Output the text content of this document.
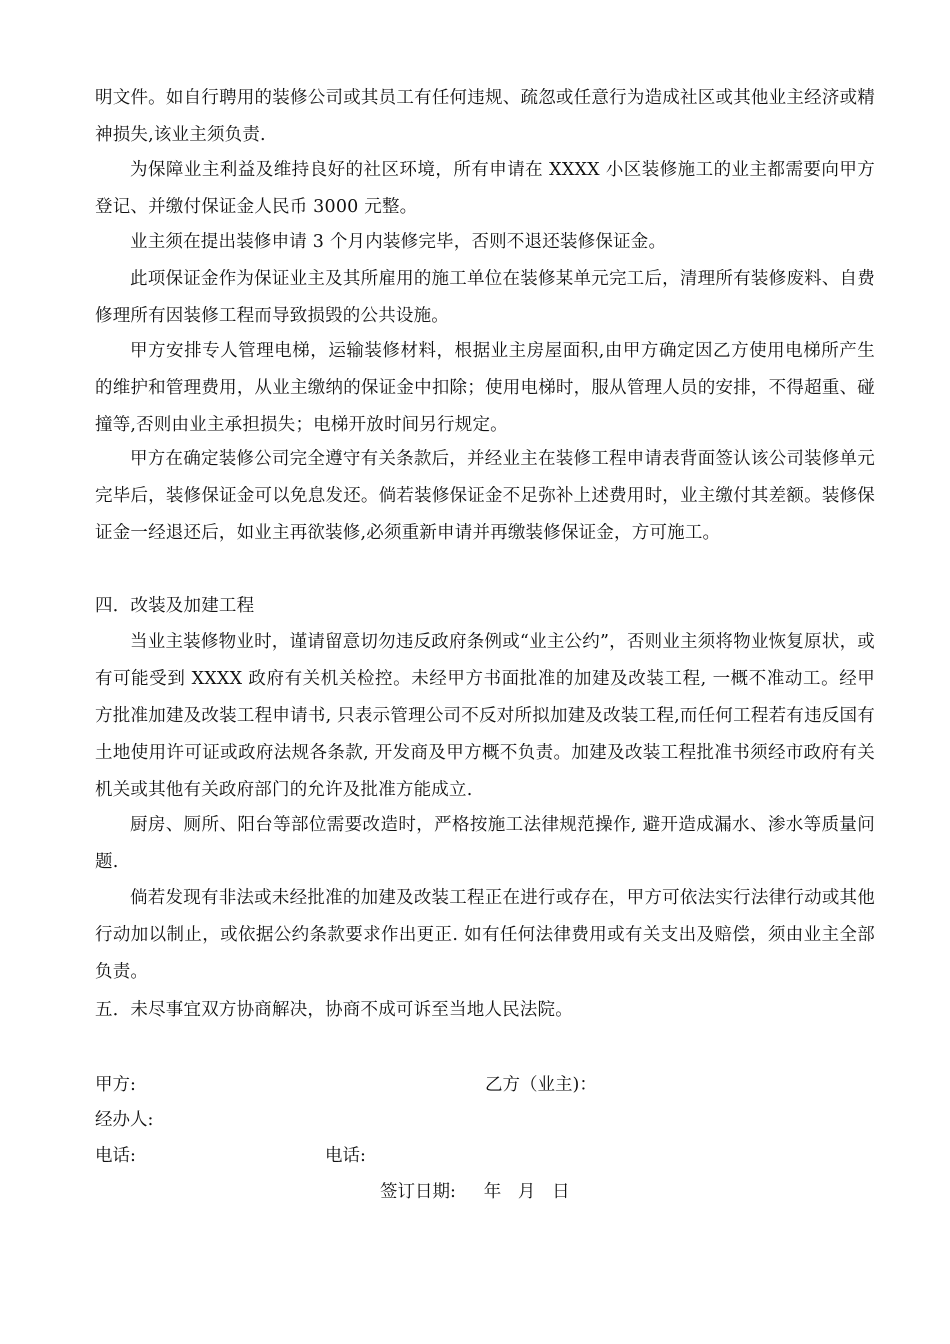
明文件。如自行聘用的装修公司或其员工有任何违规、疏忽或任意行为造成社区或其他业主经济或精神损失,该业主须负责.

为保障业主利益及维持良好的社区环境，所有申请在 XXXX 小区装修施工的业主都需要向甲方登记、并缴付保证金人民币 3000 元整。

业主须在提出装修申请 3 个月内装修完毕，否则不退还装修保证金。

此项保证金作为保证业主及其所雇用的施工单位在装修某单元完工后，清理所有装修废料、自费修理所有因装修工程而导致损毁的公共设施。

甲方安排专人管理电梯，运输装修材料，根据业主房屋面积,由甲方确定因乙方使用电梯所产生的维护和管理费用，从业主缴纳的保证金中扣除；使用电梯时，服从管理人员的安排，不得超重、碰撞等,否则由业主承担损失；电梯开放时间另行规定。

甲方在确定装修公司完全遵守有关条款后，并经业主在装修工程申请表背面签认该公司装修单元完毕后，装修保证金可以免息发还。倘若装修保证金不足弥补上述费用时，业主缴付其差额。装修保证金一经退还后，如业主再欲装修,必须重新申请并再缴装修保证金，方可施工。

四．改装及加建工程

当业主装修物业时，谨请留意切勿违反政府条例或“业主公约”，否则业主须将物业恢复原状，或有可能受到 XXXX 政府有关机关检控。未经甲方书面批准的加建及改装工程, 一概不准动工。经甲方批准加建及改装工程申请书, 只表示管理公司不反对所拟加建及改装工程,而任何工程若有违反国有土地使用许可证或政府法规各条款, 开发商及甲方概不负责。加建及改装工程批准书须经市政府有关机关或其他有关政府部门的允许及批准方能成立.

厨房、厕所、阳台等部位需要改造时，严格按施工法律规范操作, 避开造成漏水、渗水等质量问题.

倘若发现有非法或未经批准的加建及改装工程正在进行或存在，甲方可依法实行法律行动或其他行动加以制止，或依据公约条款要求作出更正. 如有任何法律费用或有关支出及赔偿，须由业主全部负责。

五．未尽事宜双方协商解决，协商不成可诉至当地人民法院。

甲方:	乙方（业主)：

经办人:

电话:	电话:

签订日期:     年   月   日
